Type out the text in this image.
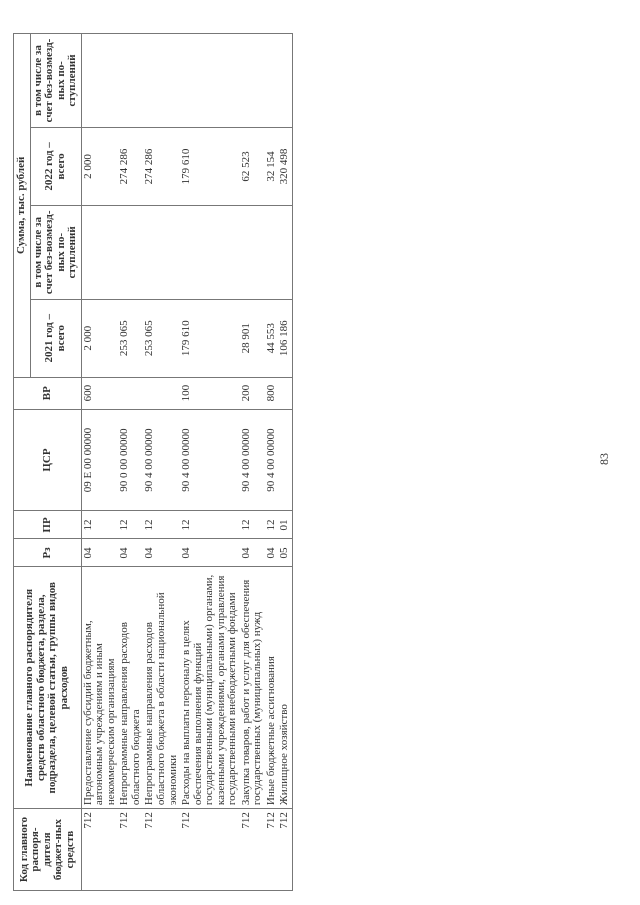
83
Код главного распоря-дителя бюджет-ных средств	Наименование главного распорядителя средств областного бюджета, раздела, подраздела, целевой статьи, группы видов расходов	Рз	ПР	ЦСР	ВР	Сумма, тыс. рублей			
						2021 год – всего	в том числе за счет без-возмезд-ных по-ступлений	2022 год – всего	в том числе за счет без-возмезд-ных по-ступлений
712	Предоставление субсидий бюджетным, автономным учреждениям и иным некоммерческим организациям	04	12	09 Е 00 00000	600	2 000		2 000	
712	Непрограммные направления расходов областного бюджета	04	12	90 0 00 00000		253 065		274 286	
712	Непрограммные направления расходов областного бюджета в области национальной экономики	04	12	90 4 00 00000		253 065		274 286	
712	Расходы на выплаты персоналу в целях обеспечения выполнения функций государственными (муниципальными) органами, казенными учреждениями, органами управления государственными внебюджетными фондами	04	12	90 4 00 00000	100	179 610		179 610	
712	Закупка товаров, работ и услуг для обеспечения государственных (муниципальных) нужд	04	12	90 4 00 00000	200	28 901		62 523	
712	Иные бюджетные ассигнования	04	12	90 4 00 00000	800	44 553		32 154	
712	Жилищное хозяйство	05	01			106 186		320 498	
